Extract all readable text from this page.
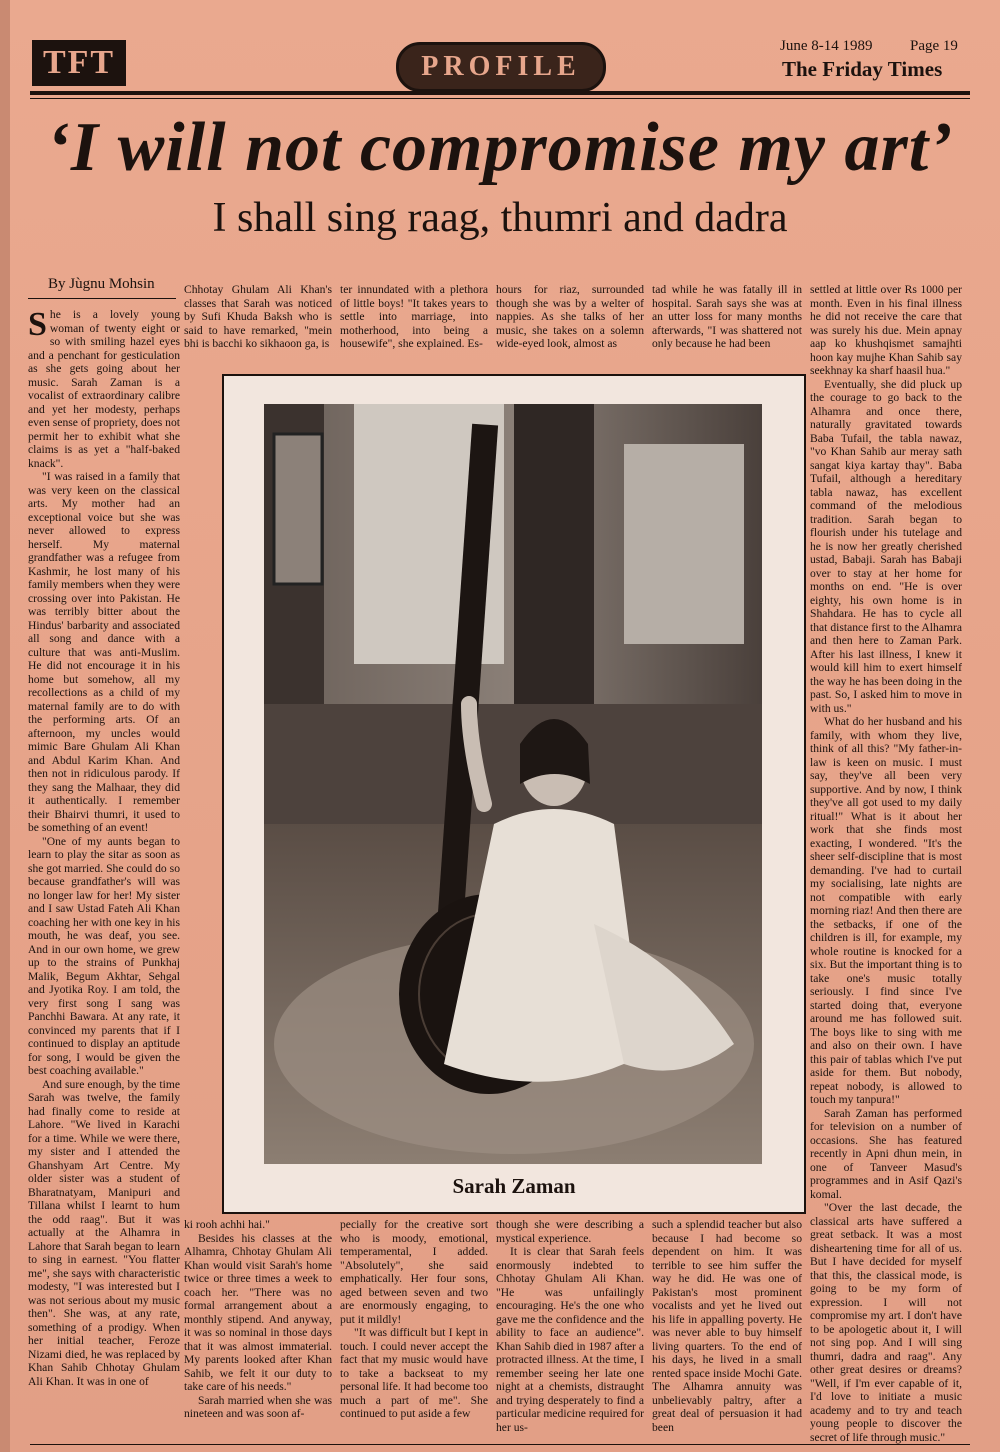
TFT	PROFILE
June 8-14 1989	Page 19
The Friday Times
‘I will not compromise my art’
I shall sing raag, thumri and dadra
By Jùgnu Mohsin

She is a lovely young woman of twenty eight or so with smiling hazel eyes and a penchant for gesticulation as she gets going about her music. Sarah Zaman is a vocalist of extraordinary calibre and yet her modesty, perhaps even sense of propriety, does not permit her to exhibit what she claims is as yet a "half-baked knack".

"I was raised in a family that was very keen on the classical arts. My mother had an exceptional voice but she was never allowed to express herself. My maternal grandfather was a refugee from Kashmir, he lost many of his family members when they were crossing over into Pakistan. He was terribly bitter about the Hindus' barbarity and associated all song and dance with a culture that was anti-Muslim. He did not encourage it in his home but somehow, all my recollections as a child of my maternal family are to do with the performing arts. Of an afternoon, my uncles would mimic Bare Ghulam Ali Khan and Abdul Karim Khan. And then not in ridiculous parody. If they sang the Malhaar, they did it authentically. I remember their Bhairvi thumri, it used to be something of an event!

"One of my aunts began to learn to play the sitar as soon as she got married. She could do so because grandfather's will was no longer law for her! My sister and I saw Ustad Fateh Ali Khan coaching her with one key in his mouth, he was deaf, you see. And in our own home, we grew up to the strains of Punkhaj Malik, Begum Akhtar, Sehgal and Jyotika Roy. I am told, the very first song I sang was Panchhi Bawara. At any rate, it convinced my parents that if I continued to display an aptitude for song, I would be given the best coaching available."

And sure enough, by the time Sarah was twelve, the family had finally come to reside at Lahore. "We lived in Karachi for a time. While we were there, my sister and I attended the Ghanshyam Art Centre. My older sister was a student of Bharatnatyam, Manipuri and Tillana whilst I learnt to hum the odd raag". But it was actually at the Alhamra in Lahore that Sarah began to learn to sing in earnest. "You flatter me", she says with characteristic modesty, "I was interested but I was not serious about my music then". She was, at any rate, something of a prodigy. When her initial teacher, Feroze Nizami died, he was replaced by Khan Sahib Chhotay Ghulam Ali Khan. It was in one of

Chhotay Ghulam Ali Khan's classes that Sarah was noticed by Sufi Khuda Baksh who is said to have remarked, "mein bhi is bacchi ko sikhaoon ga, is

ter innundated with a plethora of little boys! "It takes years to settle into marriage, into motherhood, into being a housewife", she explained. Es-

hours for riaz, surrounded though she was by a welter of nappies. As she talks of her music, she takes on a solemn wide-eyed look, almost as

tad while he was fatally ill in hospital. Sarah says she was at an utter loss for many months afterwards, "I was shattered not only because he had been

Sarah Zaman

ki rooh achhi hai."

Besides his classes at the Alhamra, Chhotay Ghulam Ali Khan would visit Sarah's home twice or three times a week to coach her. "There was no formal arrangement about a monthly stipend. And anyway, it was so nominal in those days that it was almost immaterial. My parents looked after Khan Sahib, we felt it our duty to take care of his needs."

Sarah married when she was nineteen and was soon af-

pecially for the creative sort who is moody, emotional, temperamental, I added. "Absolutely", she said emphatically. Her four sons, aged between seven and two are enormously engaging, to put it mildly!

"It was difficult but I kept in touch. I could never accept the fact that my music would have to take a backseat to my personal life. It had become too much a part of me". She continued to put aside a few

though she were describing a mystical experience.

It is clear that Sarah feels enormously indebted to Chhotay Ghulam Ali Khan. "He was unfailingly encouraging. He's the one who gave me the confidence and the ability to face an audience". Khan Sahib died in 1987 after a protracted illness. At the time, I remember seeing her late one night at a chemists, distraught and trying desperately to find a particular medicine required for her us-

such a splendid teacher but also because I had become so dependent on him. It was terrible to see him suffer the way he did. He was one of Pakistan's most prominent vocalists and yet he lived out his life in appalling poverty. He was never able to buy himself living quarters. To the end of his days, he lived in a small rented space inside Mochi Gate. The Alhamra annuity was unbelievably paltry, after a great deal of persuasion it had been

settled at little over Rs 1000 per month. Even in his final illness he did not receive the care that was surely his due. Mein apnay aap ko khushqismet samajhti hoon kay mujhe Khan Sahib say seekhnay ka sharf haasil hua."

Eventually, she did pluck up the courage to go back to the Alhamra and once there, naturally gravitated towards Baba Tufail, the tabla nawaz, "vo Khan Sahib aur meray sath sangat kiya kartay thay". Baba Tufail, although a hereditary tabla nawaz, has excellent command of the melodious tradition. Sarah began to flourish under his tutelage and he is now her greatly cherished ustad, Babaji. Sarah has Babaji over to stay at her home for months on end. "He is over eighty, his own home is in Shahdara. He has to cycle all that distance first to the Alhamra and then here to Zaman Park. After his last illness, I knew it would kill him to exert himself the way he has been doing in the past. So, I asked him to move in with us."

What do her husband and his family, with whom they live, think of all this? "My father-in-law is keen on music. I must say, they've all been very supportive. And by now, I think they've all got used to my daily ritual!" What is it about her work that she finds most exacting, I wondered. "It's the sheer self-discipline that is most demanding. I've had to curtail my socialising, late nights are not compatible with early morning riaz! And then there are the setbacks, if one of the children is ill, for example, my whole routine is knocked for a six. But the important thing is to take one's music totally seriously. I find since I've started doing that, everyone around me has followed suit. The boys like to sing with me and also on their own. I have this pair of tablas which I've put aside for them. But nobody, repeat nobody, is allowed to touch my tanpura!"

Sarah Zaman has performed for television on a number of occasions. She has featured recently in Apni dhun mein, in one of Tanveer Masud's programmes and in Asif Qazi's komal.

"Over the last decade, the classical arts have suffered a great setback. It was a most disheartening time for all of us. But I have decided for myself that this, the classical mode, is going to be my form of expression. I will not compromise my art. I don't have to be apologetic about it, I will not sing pop. And I will sing thumri, dadra and raag". Any other great desires or dreams? "Well, if I'm ever capable of it, I'd love to initiate a music academy and to try and teach young people to discover the secret of life through music."
